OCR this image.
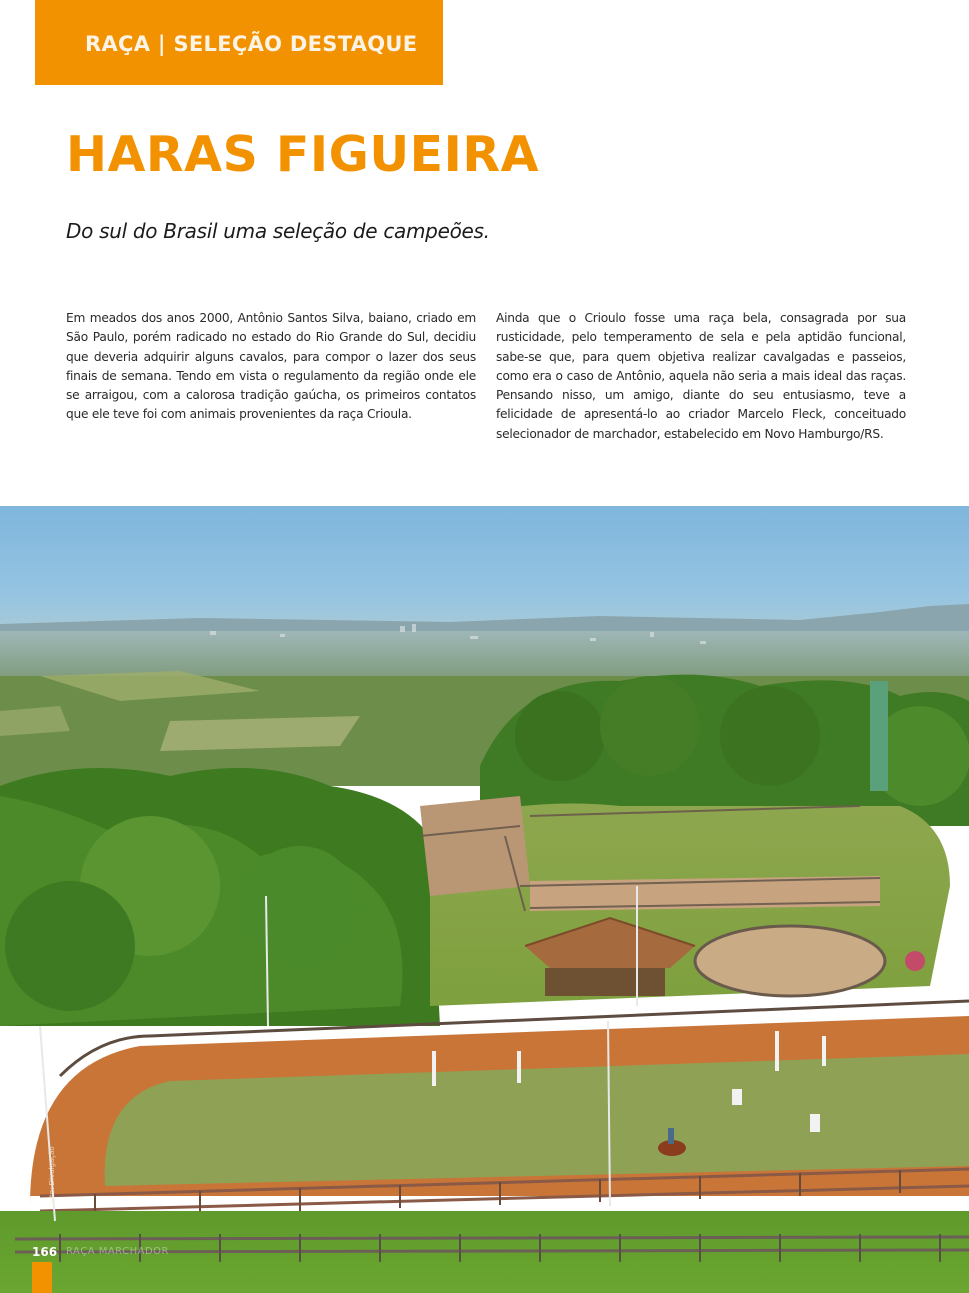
RAÇA | SELEÇÃO DESTAQUE
HARAS FIGUEIRA
Do sul do Brasil uma seleção de campeões.

Em meados dos anos 2000, Antônio Santos Silva, baiano, criado em São Paulo, porém radicado no estado do Rio Grande do Sul, decidiu que deveria adquirir alguns cavalos, para compor o lazer dos seus finais de semana. Tendo em vista o regulamento da região onde ele se arraigou, com a calorosa tradição gaúcha, os primeiros contatos que ele teve foi com animais provenientes da raça Crioula.

Ainda que o Crioulo fosse uma raça bela, consagrada por sua rusticidade, pelo temperamento de sela e pela aptidão funcional, sabe-se que, para quem objetiva realizar cavalgadas e passeios, como era o caso de Antônio, aquela não seria a mais ideal das raças. Pensando nisso, um amigo, diante do seu entusiasmo, teve a felicidade de apresentá-lo ao criador Marcelo Fleck, conceituado selecionador de marchador, estabelecido em Novo Hamburgo/RS.

Foto: Divulgação
166 RAÇA MARCHADOR
